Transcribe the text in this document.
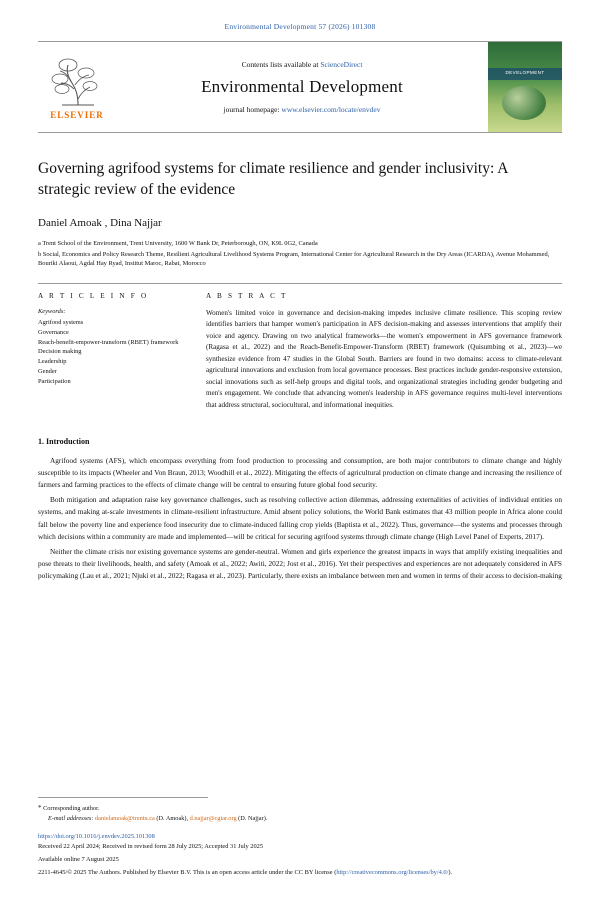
Environmental Development 57 (2026) 101308
ELSEVIER
Contents lists available at ScienceDirect
Environmental Development
journal homepage: www.elsevier.com/locate/envdev
DEVELOPMENT
Governing agrifood systems for climate resilience and gender inclusivity: A strategic review of the evidence
Daniel Amoak , Dina Najjar
a Trent School of the Environment, Trent University, 1600 W Bank Dr, Peterborough, ON, K9L 0G2, Canada
b Social, Economics and Policy Research Theme, Resilient Agricultural Livelihood Systems Program, International Center for Agricultural Research in the Dry Areas (ICARDA), Avenue Mohammed, Bouriki Alaoui, Agdal Hay Ryad, Institut Maroc, Rabat, Morocco
A R T I C L E I N F O
Keywords:
Agrifood systems
Governance
Reach-benefit-empower-transform (RBET) framework
Decision making
Leadership
Gender
Participation
A B S T R A C T
Women's limited voice in governance and decision-making impedes inclusive climate resilience. This scoping review identifies barriers that hamper women's participation in AFS decision-making and assesses interventions that amplify their voice and agency. Drawing on two analytical frameworks—the women's empowerment in AFS governance framework (Ragasa et al., 2022) and the Reach-Benefit-Empower-Transform (RBET) framework (Quisumbing et al., 2023)—we synthesize evidence from 47 studies in the Global South. Barriers are found in two domains: access to climate-relevant agricultural innovations and exclusion from local governance processes. Best practices include gender-responsive extension, social innovations such as self-help groups and digital tools, and organizational strategies including gender budgeting and men's engagement. We conclude that advancing women's leadership in AFS governance requires multi-level interventions that address structural, sociocultural, and informational inequities.
1. Introduction
Agrifood systems (AFS), which encompass everything from food production to processing and consumption, are both major contributors to climate change and highly susceptible to its impacts (Wheeler and Von Braun, 2013; Woodhill et al., 2022). Mitigating the effects of agricultural production on climate change and increasing the resilience of farmers and farming practices to the effects of climate change will be central to ensuring future global food security.
Both mitigation and adaptation raise key governance challenges, such as resolving collective action dilemmas, addressing externalities of activities of individual entities on systems, and making at-scale investments in climate-resilient infrastructure. Amid absent policy solutions, the World Bank estimates that 43 million people in Africa alone could fall below the poverty line and experience food insecurity due to climate-induced falling crop yields (Baptista et al., 2022). Thus, governance—the systems and processes through which decisions within a community are made and implemented—will be critical for securing agrifood systems through climate change (High Level Panel of Experts, 2017).
Neither the climate crisis nor existing governance systems are gender-neutral. Women and girls experience the greatest impacts in ways that amplify existing inequalities and pose threats to their livelihoods, health, and safety (Amoak et al., 2022; Awiti, 2022; Jost et al., 2016). Yet their perspectives and experiences are not adequately considered in AFS policymaking (Lau et al., 2021; Njuki et al., 2022; Ragasa et al., 2023). Particularly, there exists an imbalance between men and women in terms of their access to decision-making
* Corresponding author.
E-mail addresses: danielamoak@trentu.ca (D. Amoak), d.najjar@cgiar.org (D. Najjar).
https://doi.org/10.1016/j.envdev.2025.101308
Received 22 April 2024; Received in revised form 28 July 2025; Accepted 31 July 2025
Available online 7 August 2025
2211-4645/© 2025 The Authors. Published by Elsevier B.V. This is an open access article under the CC BY license (http://creativecommons.org/licenses/by/4.0/).
